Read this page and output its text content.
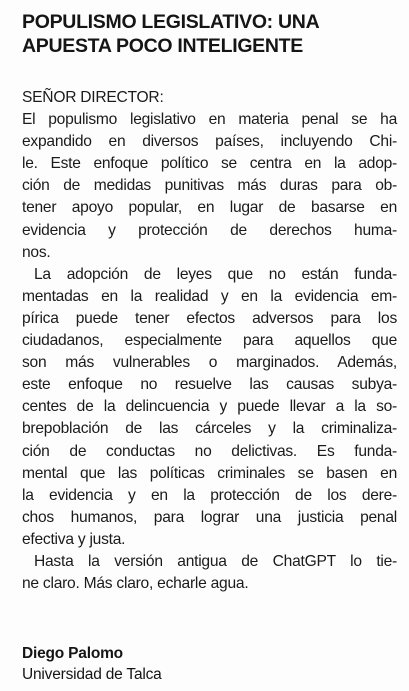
POPULISMO LEGISLATIVO: UNA
APUESTA POCO INTELIGENTE
SEÑOR DIRECTOR:
El populismo legislativo en materia penal se ha
expandido en diversos países, incluyendo Chi-
le. Este enfoque político se centra en la adop-
ción de medidas punitivas más duras para ob-
tener apoyo popular, en lugar de basarse en
evidencia y protección de derechos huma-
nos.
La adopción de leyes que no están funda-
mentadas en la realidad y en la evidencia em-
pírica puede tener efectos adversos para los
ciudadanos, especialmente para aquellos que
son más vulnerables o marginados. Además,
este enfoque no resuelve las causas subya-
centes de la delincuencia y puede llevar a la so-
brepoblación de las cárceles y la criminaliza-
ción de conductas no delictivas. Es funda-
mental que las políticas criminales se basen en
la evidencia y en la protección de los dere-
chos humanos, para lograr una justicia penal
efectiva y justa.
Hasta la versión antigua de ChatGPT lo tie-
ne claro. Más claro, echarle agua.
Diego Palomo
Universidad de Talca
